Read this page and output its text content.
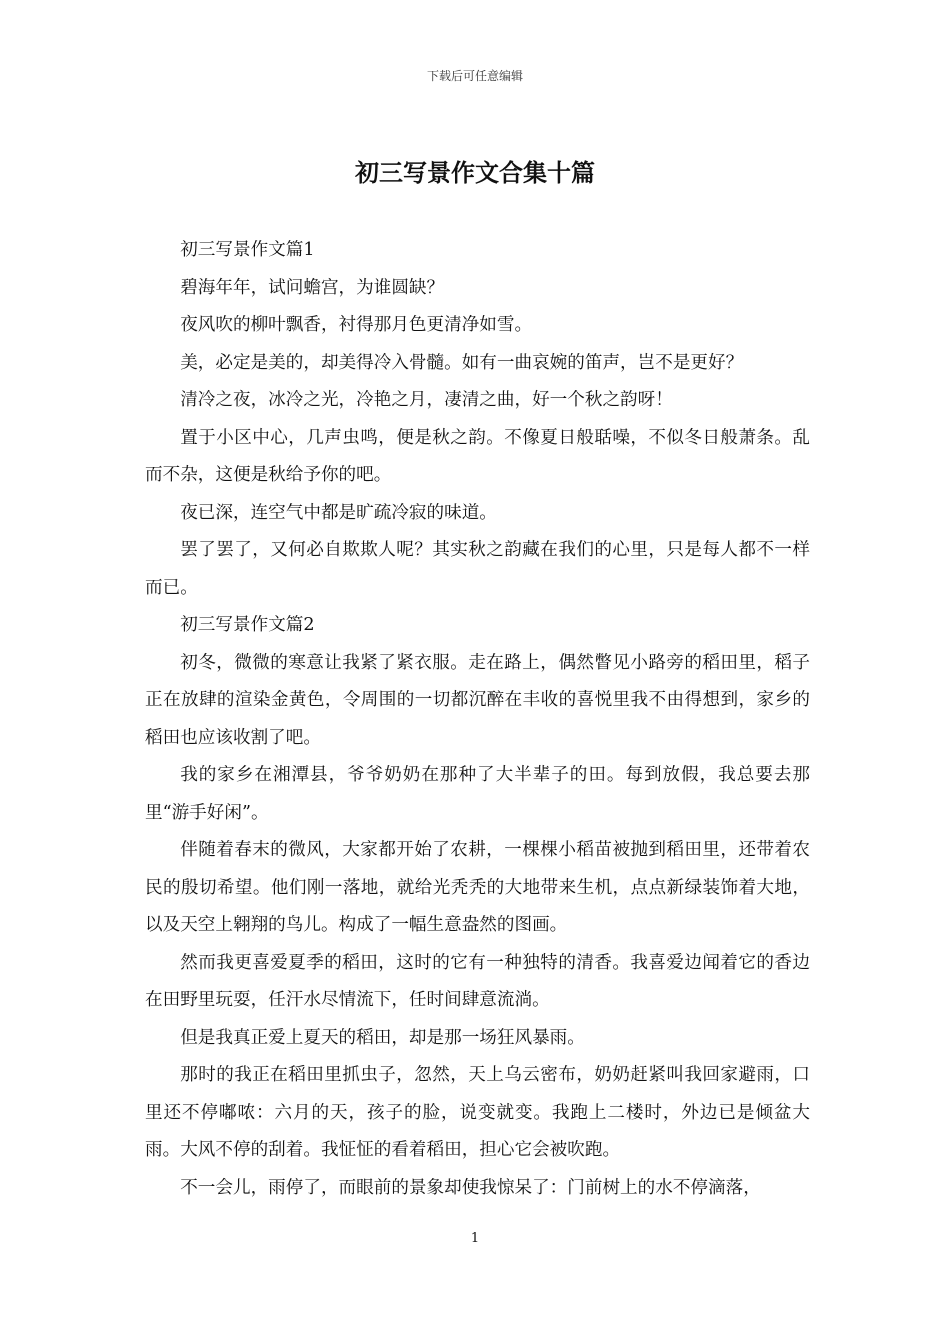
下载后可任意编辑
初三写景作文合集十篇

初三写景作文篇1

碧海年年，试问蟾宫，为谁圆缺？

夜风吹的柳叶飘香，衬得那月色更清净如雪。

美，必定是美的，却美得冷入骨髓。如有一曲哀婉的笛声，岂不是更好？

清冷之夜，冰冷之光，冷艳之月，凄清之曲，好一个秋之韵呀！

置于小区中心，几声虫鸣，便是秋之韵。不像夏日般聒噪，不似冬日般萧条。乱而不杂，这便是秋给予你的吧。

夜已深，连空气中都是旷疏冷寂的味道。

罢了罢了，又何必自欺欺人呢？其实秋之韵藏在我们的心里，只是每人都不一样而已。

初三写景作文篇2

初冬，微微的寒意让我紧了紧衣服。走在路上，偶然瞥见小路旁的稻田里，稻子正在放肆的渲染金黄色，令周围的一切都沉醉在丰收的喜悦里我不由得想到，家乡的稻田也应该收割了吧。

我的家乡在湘潭县，爷爷奶奶在那种了大半辈子的田。每到放假，我总要去那里“游手好闲”。

伴随着春末的微风，大家都开始了农耕，一棵棵小稻苗被抛到稻田里，还带着农民的殷切希望。他们刚一落地，就给光秃秃的大地带来生机，点点新绿装饰着大地，以及天空上翱翔的鸟儿。构成了一幅生意盎然的图画。

然而我更喜爱夏季的稻田，这时的它有一种独特的清香。我喜爱边闻着它的香边在田野里玩耍，任汗水尽情流下，任时间肆意流淌。

但是我真正爱上夏天的稻田，却是那一场狂风暴雨。

那时的我正在稻田里抓虫子，忽然，天上乌云密布，奶奶赶紧叫我回家避雨，口里还不停嘟哝：六月的天，孩子的脸，说变就变。我跑上二楼时，外边已是倾盆大雨。大风不停的刮着。我怔怔的看着稻田，担心它会被吹跑。

不一会儿，雨停了，而眼前的景象却使我惊呆了：门前树上的水不停滴落，

1
